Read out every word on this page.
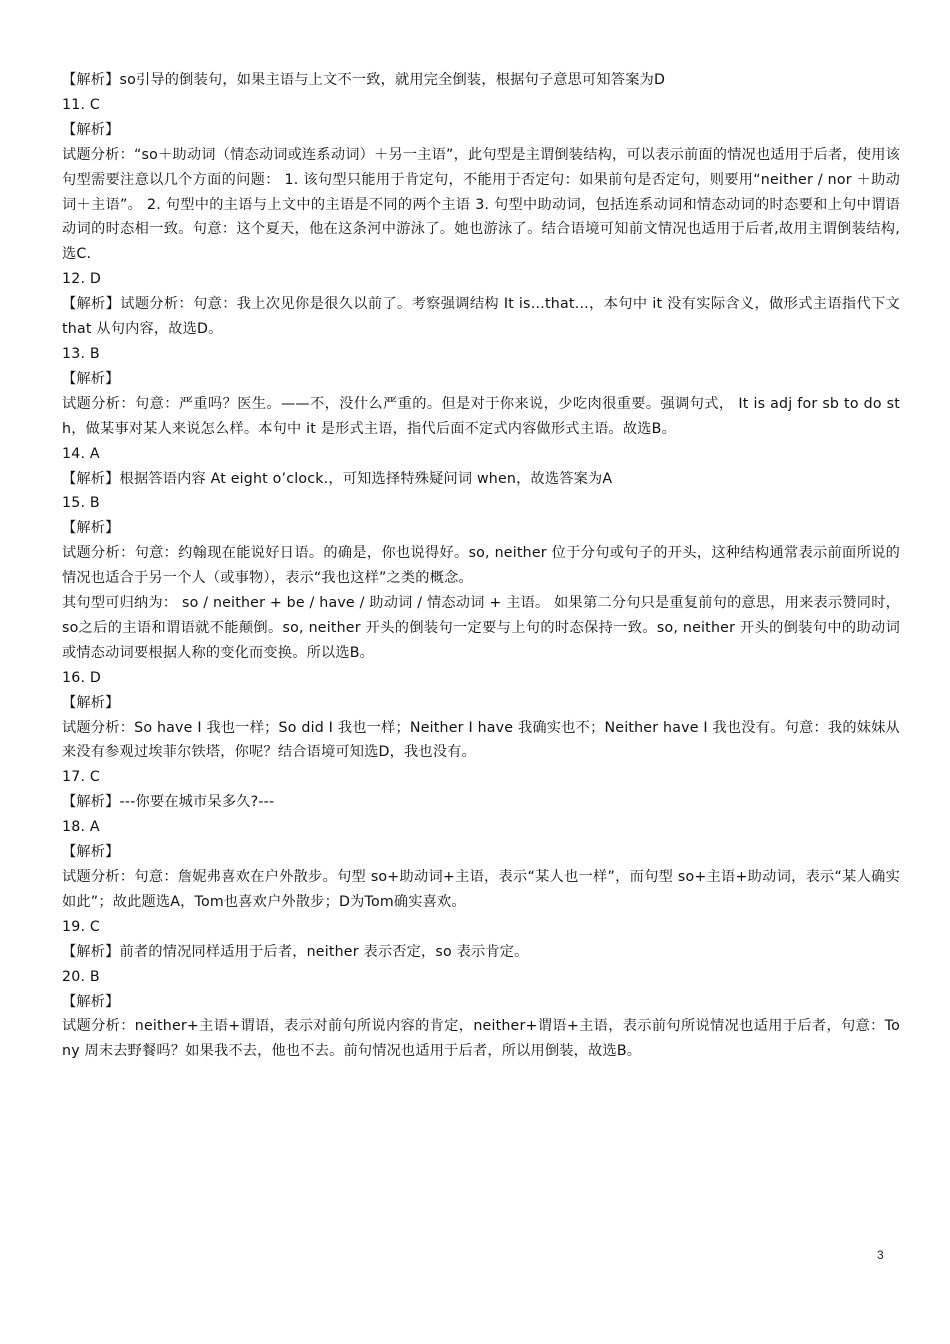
【解析】so引导的倒装句，如果主语与上文不一致，就用完全倒装，根据句子意思可知答案为D
11. C
【解析】
试题分析：“so＋助动词（情态动词或连系动词）＋另一主语”，此句型是主谓倒装结构，可以表示前面的情况也适用于后者，使用该句型需要注意以几个方面的问题： 1. 该句型只能用于肯定句，不能用于否定句：如果前句是否定句，则要用“neither / nor ＋助动词＋主语”。 2. 句型中的主语与上文中的主语是不同的两个主语 3. 句型中助动词，包括连系动词和情态动词的时态要和上句中谓语动词的时态相一致。句意：这个夏天，他在这条河中游泳了。她也游泳了。结合语境可知前文情况也适用于后者,故用主谓倒装结构,选C.
12. D
【解析】试题分析：句意：我上次见你是很久以前了。考察强调结构 It is…that…，本句中 it 没有实际含义，做形式主语指代下文 that 从句内容，故选D。
13. B
【解析】
试题分析：句意：严重吗？医生。——不，没什么严重的。但是对于你来说，少吃肉很重要。强调句式， It is adj for sb to do sth，做某事对某人来说怎么样。本句中 it 是形式主语，指代后面不定式内容做形式主语。故选B。
14. A
【解析】根据答语内容 At eight o’clock.，可知选择特殊疑问词 when，故选答案为A
15. B
【解析】
试题分析：句意：约翰现在能说好日语。的确是，你也说得好。so, neither 位于分句或句子的开头，这种结构通常表示前面所说的情况也适合于另一个人（或事物），表示“我也这样”之类的概念。
其句型可归纳为： so / neither + be / have / 助动词 / 情态动词 + 主语。 如果第二分句只是重复前句的意思，用来表示赞同时，so之后的主语和谓语就不能颠倒。so, neither 开头的倒装句一定要与上句的时态保持一致。so, neither 开头的倒装句中的助动词或情态动词要根据人称的变化而变换。所以选B。
16. D
【解析】
试题分析：So have I 我也一样；So did I 我也一样；Neither I have 我确实也不；Neither have I 我也没有。句意：我的妹妹从来没有参观过埃菲尔铁塔，你呢？结合语境可知选D，我也没有。
17. C
【解析】---你要在城市呆多久?---
18. A
【解析】
试题分析：句意：詹妮弗喜欢在户外散步。句型 so+助动词+主语，表示“某人也一样”，而句型 so+主语+助动词，表示“某人确实如此”；故此题选A，Tom也喜欢户外散步；D为Tom确实喜欢。
19. C
【解析】前者的情况同样适用于后者，neither 表示否定，so 表示肯定。
20. B
【解析】
试题分析：neither+主语+谓语，表示对前句所说内容的肯定，neither+谓语+主语，表示前句所说情况也适用于后者，句意：Tony 周末去野餐吗？如果我不去，他也不去。前句情况也适用于后者，所以用倒装，故选B。
3
